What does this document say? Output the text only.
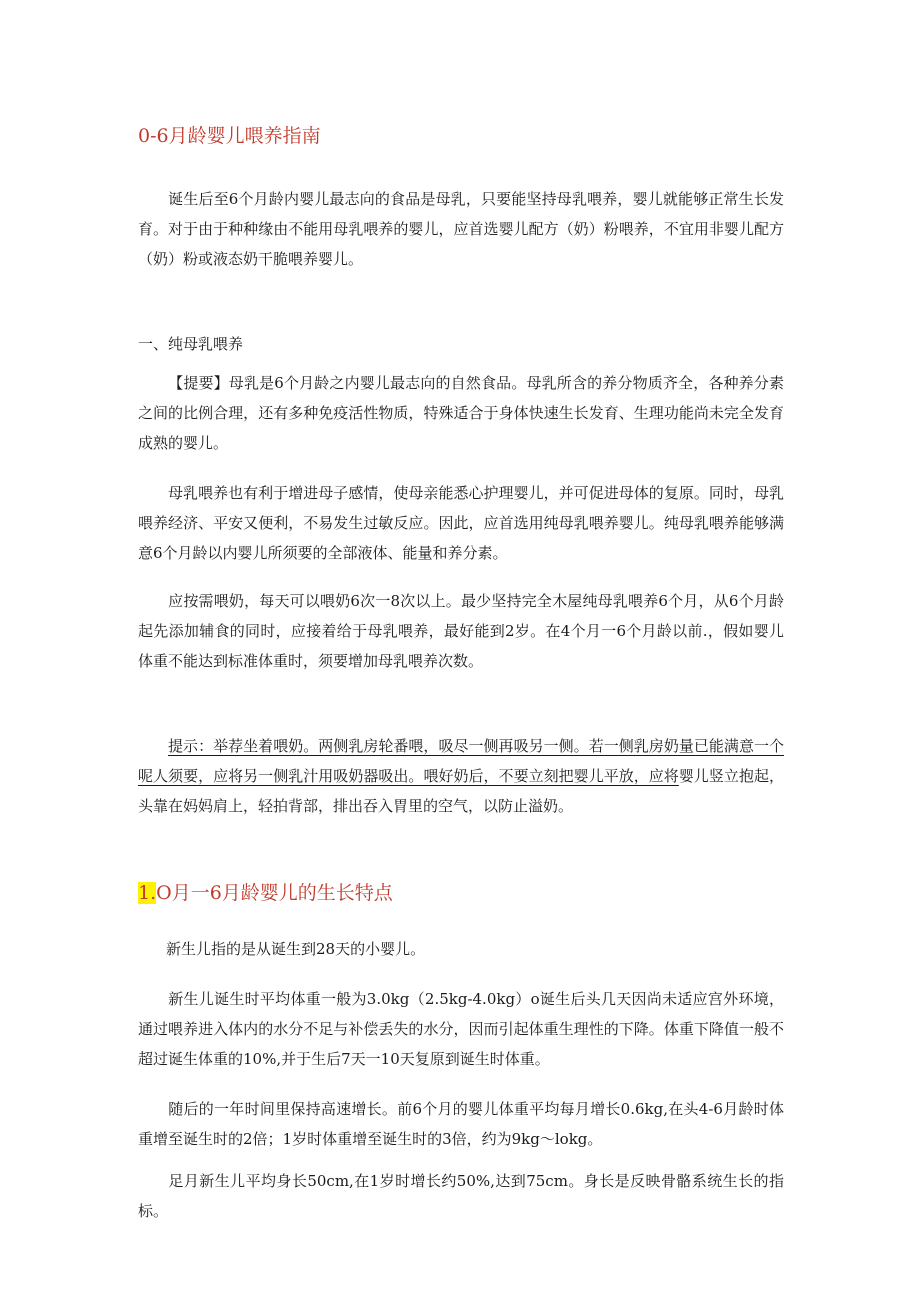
0-6月龄婴儿喂养指南
诞生后至6个月龄内婴儿最志向的食品是母乳，只要能坚持母乳喂养，婴儿就能够正常生长发育。对于由于种种缘由不能用母乳喂养的婴儿，应首选婴儿配方（奶）粉喂养，不宜用非婴儿配方（奶）粉或液态奶干脆喂养婴儿。
一、纯母乳喂养
【提要】母乳是6个月龄之内婴儿最志向的自然食品。母乳所含的养分物质齐全，各种养分素之间的比例合理，还有多种免疫活性物质，特殊适合于身体快速生长发育、生理功能尚未完全发育成熟的婴儿。
母乳喂养也有利于增进母子感情，使母亲能悉心护理婴儿，并可促进母体的复原。同时，母乳喂养经济、平安又便利，不易发生过敏反应。因此，应首选用纯母乳喂养婴儿。纯母乳喂养能够满意6个月龄以内婴儿所须要的全部液体、能量和养分素。
应按需喂奶，每天可以喂奶6次一8次以上。最少坚持完全木屋纯母乳喂养6个月，从6个月龄起先添加辅食的同时，应接着给于母乳喂养，最好能到2岁。在4个月一6个月龄以前.，假如婴儿体重不能达到标准体重时，须要增加母乳喂养次数。
提示：举荐坐着喂奶。两侧乳房轮番喂，吸尽一侧再吸另一侧。若一侧乳房奶量已能满意一个呢人须要，应将另一侧乳汁用吸奶器吸出。喂好奶后，不要立刻把婴儿平放，应将婴儿竖立抱起，头靠在妈妈肩上，轻拍背部，排出吞入胃里的空气，以防止溢奶。
1.O月一6月龄婴儿的生长特点
新生儿指的是从诞生到28天的小婴儿。
新生儿诞生时平均体重一般为3.0kg（2.5kg-4.0kg）o诞生后头几天因尚未适应宫外环境，通过喂养进入体内的水分不足与补偿丢失的水分，因而引起体重生理性的下降。体重下降值一般不超过诞生体重的10%,并于生后7天一10天复原到诞生时体重。
随后的一年时间里保持高速增长。前6个月的婴儿体重平均每月增长0.6kg,在头4-6月龄时体重增至诞生时的2倍；1岁时体重增至诞生时的3倍，约为9kg〜lokg。
足月新生儿平均身长50cm,在1岁时增长约50%,达到75cm。身长是反映骨骼系统生长的指标。
